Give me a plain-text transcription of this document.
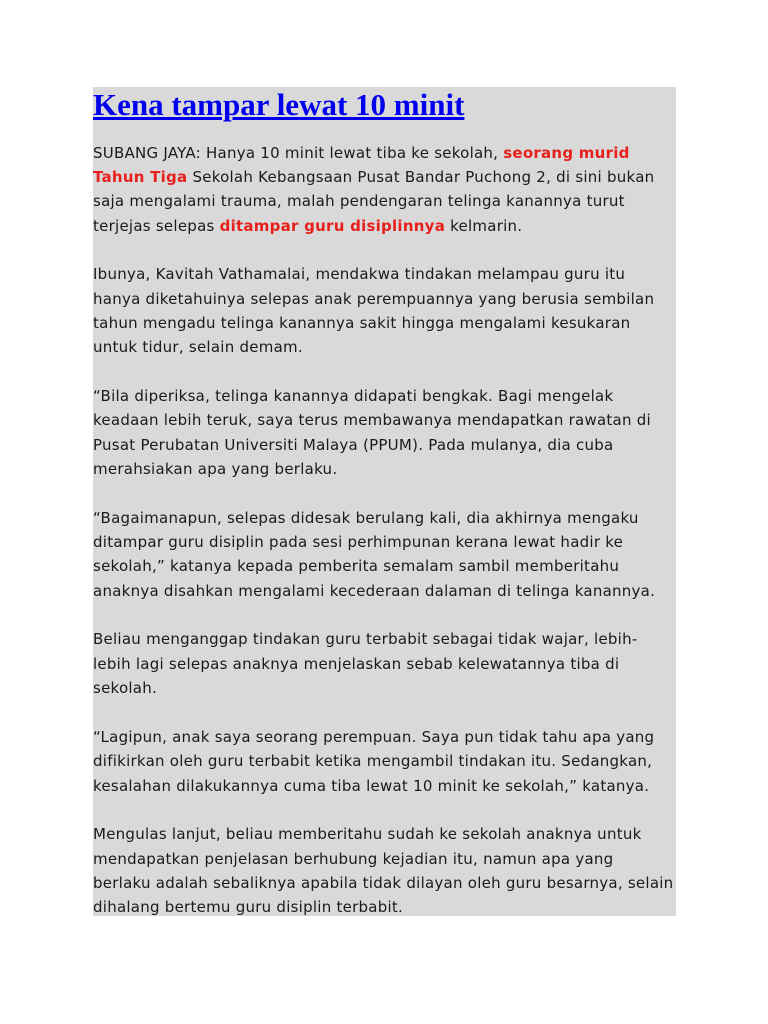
Kena tampar lewat 10 minit
SUBANG JAYA: Hanya 10 minit lewat tiba ke sekolah, seorang murid
Tahun Tiga Sekolah Kebangsaan Pusat Bandar Puchong 2, di sini bukan
saja mengalami trauma, malah pendengaran telinga kanannya turut
terjejas selepas ditampar guru disiplinnya kelmarin.
Ibunya, Kavitah Vathamalai, mendakwa tindakan melampau guru itu
hanya diketahuinya selepas anak perempuannya yang berusia sembilan
tahun mengadu telinga kanannya sakit hingga mengalami kesukaran
untuk tidur, selain demam.
“Bila diperiksa, telinga kanannya didapati bengkak. Bagi mengelak
keadaan lebih teruk, saya terus membawanya mendapatkan rawatan di
Pusat Perubatan Universiti Malaya (PPUM). Pada mulanya, dia cuba
merahsiakan apa yang berlaku.
“Bagaimanapun, selepas didesak berulang kali, dia akhirnya mengaku
ditampar guru disiplin pada sesi perhimpunan kerana lewat hadir ke
sekolah,” katanya kepada pemberita semalam sambil memberitahu
anaknya disahkan mengalami kecederaan dalaman di telinga kanannya.
Beliau menganggap tindakan guru terbabit sebagai tidak wajar, lebih-
lebih lagi selepas anaknya menjelaskan sebab kelewatannya tiba di
sekolah.
“Lagipun, anak saya seorang perempuan. Saya pun tidak tahu apa yang
difikirkan oleh guru terbabit ketika mengambil tindakan itu. Sedangkan,
kesalahan dilakukannya cuma tiba lewat 10 minit ke sekolah,” katanya.
Mengulas lanjut, beliau memberitahu sudah ke sekolah anaknya untuk
mendapatkan penjelasan berhubung kejadian itu, namun apa yang
berlaku adalah sebaliknya apabila tidak dilayan oleh guru besarnya, selain
dihalang bertemu guru disiplin terbabit.
